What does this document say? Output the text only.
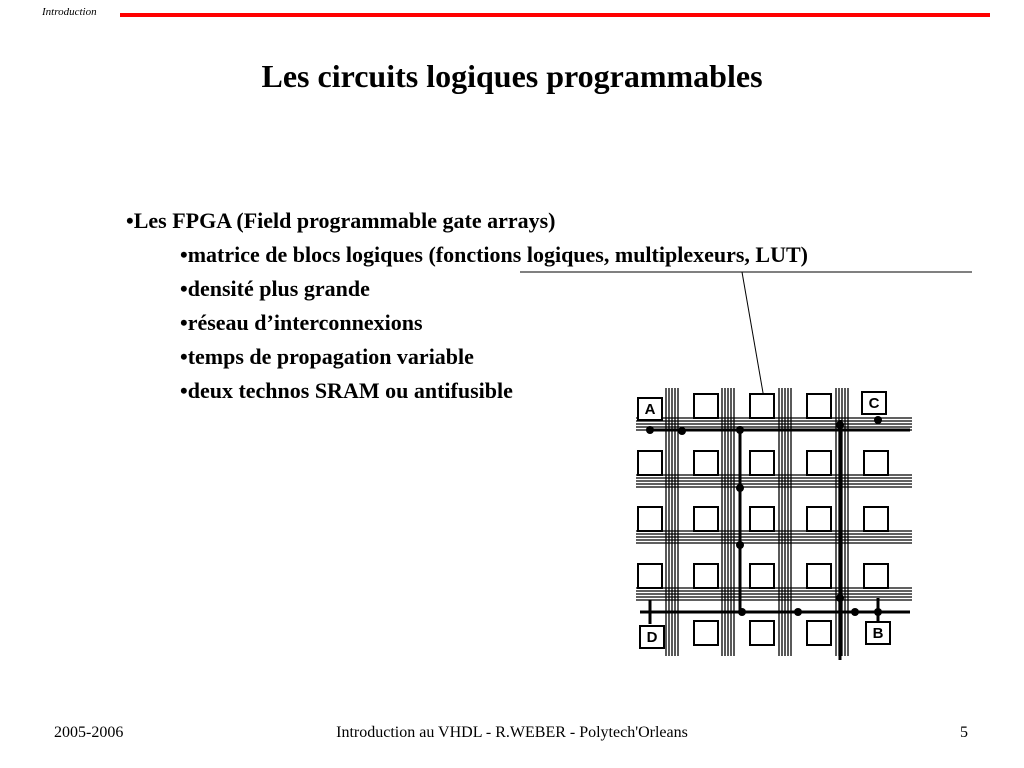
Introduction
Les circuits logiques programmables
•Les FPGA (Field programmable gate arrays)
•matrice de blocs logiques (fonctions logiques, multiplexeurs, LUT)
•densité plus grande
•réseau d’interconnexions
•temps de propagation variable
•deux technos SRAM ou antifusible
A	C
D	B
2005-2006	Introduction au VHDL - R.WEBER - Polytech'Orleans	5
